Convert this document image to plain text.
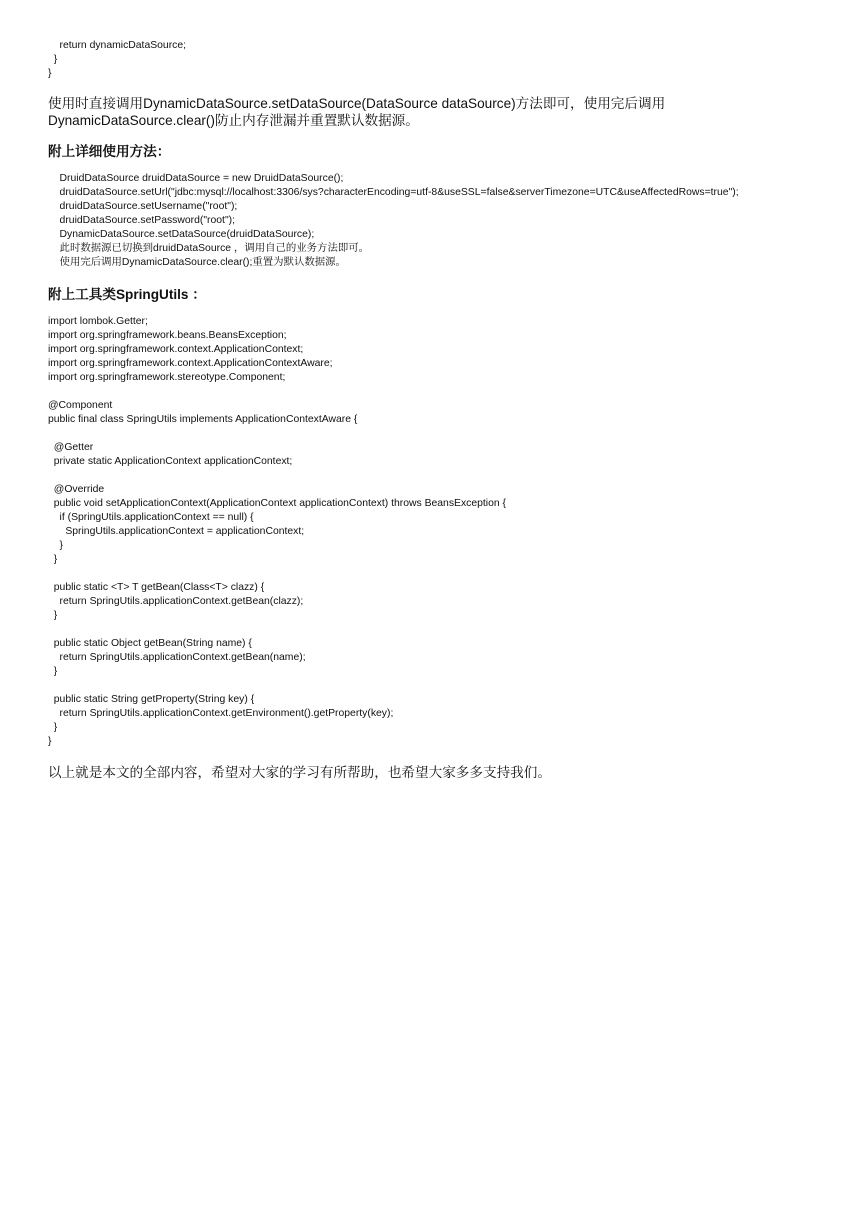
return dynamicDataSource;
}
}
使用时直接调用DynamicDataSource.setDataSource(DataSource dataSource)方法即可，使用完后调用DynamicDataSource.clear()防止内存泄漏并重置默认数据源。
附上详细使用方法：
DruidDataSource druidDataSource = new DruidDataSource();
druidDataSource.setUrl("jdbc:mysql://localhost:3306/sys?characterEncoding=utf-8&useSSL=false&serverTimezone=UTC&useAffectedRows=true");
druidDataSource.setUsername("root");
druidDataSource.setPassword("root");
DynamicDataSource.setDataSource(druidDataSource);
此时数据源已切换到druidDataSource ，调用自己的业务方法即可。
使用完后调用DynamicDataSource.clear();重置为默认数据源。
附上工具类SpringUtils ：
import lombok.Getter;
import org.springframework.beans.BeansException;
import org.springframework.context.ApplicationContext;
import org.springframework.context.ApplicationContextAware;
import org.springframework.stereotype.Component;

@Component
public final class SpringUtils implements ApplicationContextAware {

@Getter
private static ApplicationContext applicationContext;

@Override
public void setApplicationContext(ApplicationContext applicationContext) throws BeansException {
if (SpringUtils.applicationContext == null) {
SpringUtils.applicationContext = applicationContext;
}
}

public static <T> T getBean(Class<T> clazz) {
return SpringUtils.applicationContext.getBean(clazz);
}

public static Object getBean(String name) {
return SpringUtils.applicationContext.getBean(name);
}

public static String getProperty(String key) {
return SpringUtils.applicationContext.getEnvironment().getProperty(key);
}
}
以上就是本文的全部内容，希望对大家的学习有所帮助，也希望大家多多支持我们。
